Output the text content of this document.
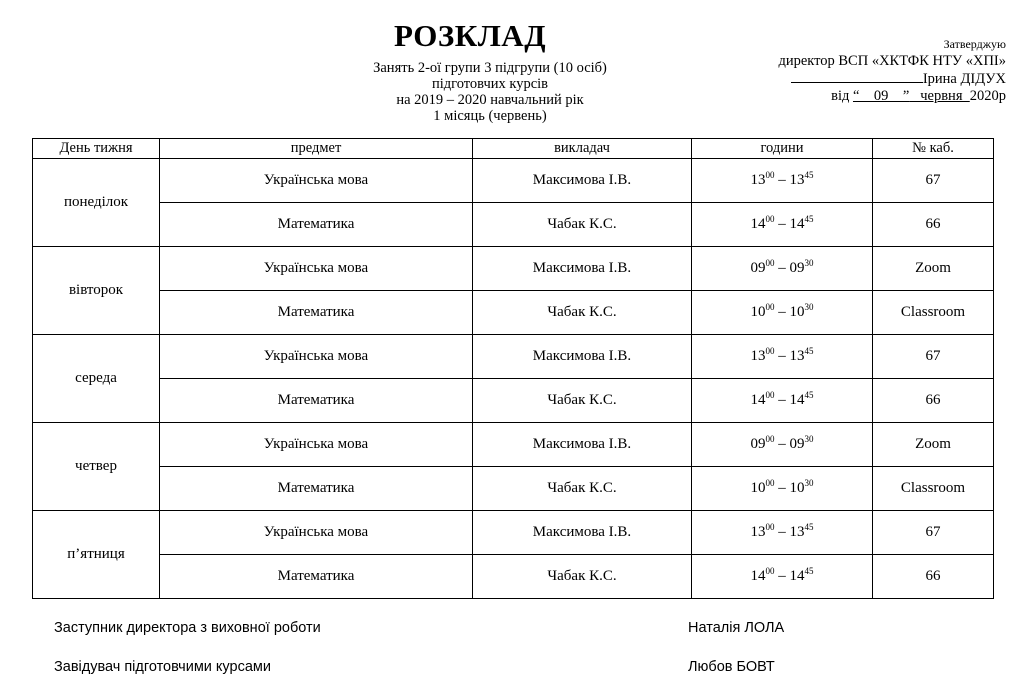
РОЗКЛАД
Занять 2-ої групи 3 підгрупи (10 осіб)
підготовчих курсів
на 2019 – 2020 навчальний рік
1 місяць (червень)
Затверджую
директор ВСП «ХКТФК НТУ «ХПІ»
Ірина ДІДУХ
від “    09    ”   червня  2020р
День тижня	предмет	викладач	години	№ каб.
понеділок	Українська мова	Максимова І.В.	$13^{00} - 13^{45}$	67
	Математика	Чабак К.С.	$14^{00} - 14^{45}$	66
вівторок	Українська мова	Максимова І.В.	$09^{00} - 09^{30}$	Zoom
	Математика	Чабак К.С.	$10^{00} - 10^{30}$	Classroom
середа	Українська мова	Максимова І.В.	$13^{00} - 13^{45}$	67
	Математика	Чабак К.С.	$14^{00} - 14^{45}$	66
четвер	Українська мова	Максимова І.В.	$09^{00} - 09^{30}$	Zoom
	Математика	Чабак К.С.	$10^{00} - 10^{30}$	Classroom
п’ятниця	Українська мова	Максимова І.В.	$13^{00} - 13^{45}$	67
	Математика	Чабак К.С.	$14^{00} - 14^{45}$	66
Заступник директора з виховної роботи	Наталія ЛОЛА
Завідувач підготовчими курсами	Любов БОВТ
